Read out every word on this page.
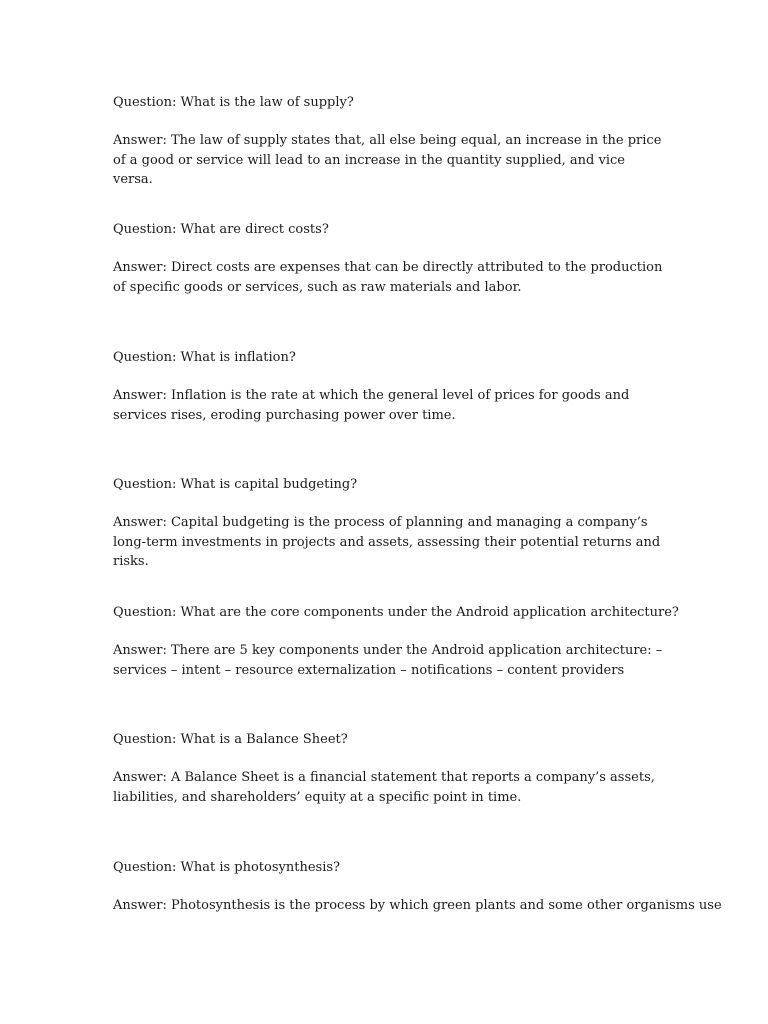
Question: What is the law of supply?

Answer: The law of supply states that, all else being equal, an increase in the price of a good or service will lead to an increase in the quantity supplied, and vice versa.

Question: What are direct costs?

Answer: Direct costs are expenses that can be directly attributed to the production of specific goods or services, such as raw materials and labor.

Question: What is inflation?

Answer: Inflation is the rate at which the general level of prices for goods and services rises, eroding purchasing power over time.

Question: What is capital budgeting?

Answer: Capital budgeting is the process of planning and managing a company’s long-term investments in projects and assets, assessing their potential returns and risks.

Question: What are the core components under the Android application architecture?

Answer: There are 5 key components under the Android application architecture: – services – intent – resource externalization – notifications – content providers

Question: What is a Balance Sheet?

Answer: A Balance Sheet is a financial statement that reports a company’s assets, liabilities, and shareholders’ equity at a specific point in time.

Question: What is photosynthesis?

Answer: Photosynthesis is the process by which green plants and some other organisms use
